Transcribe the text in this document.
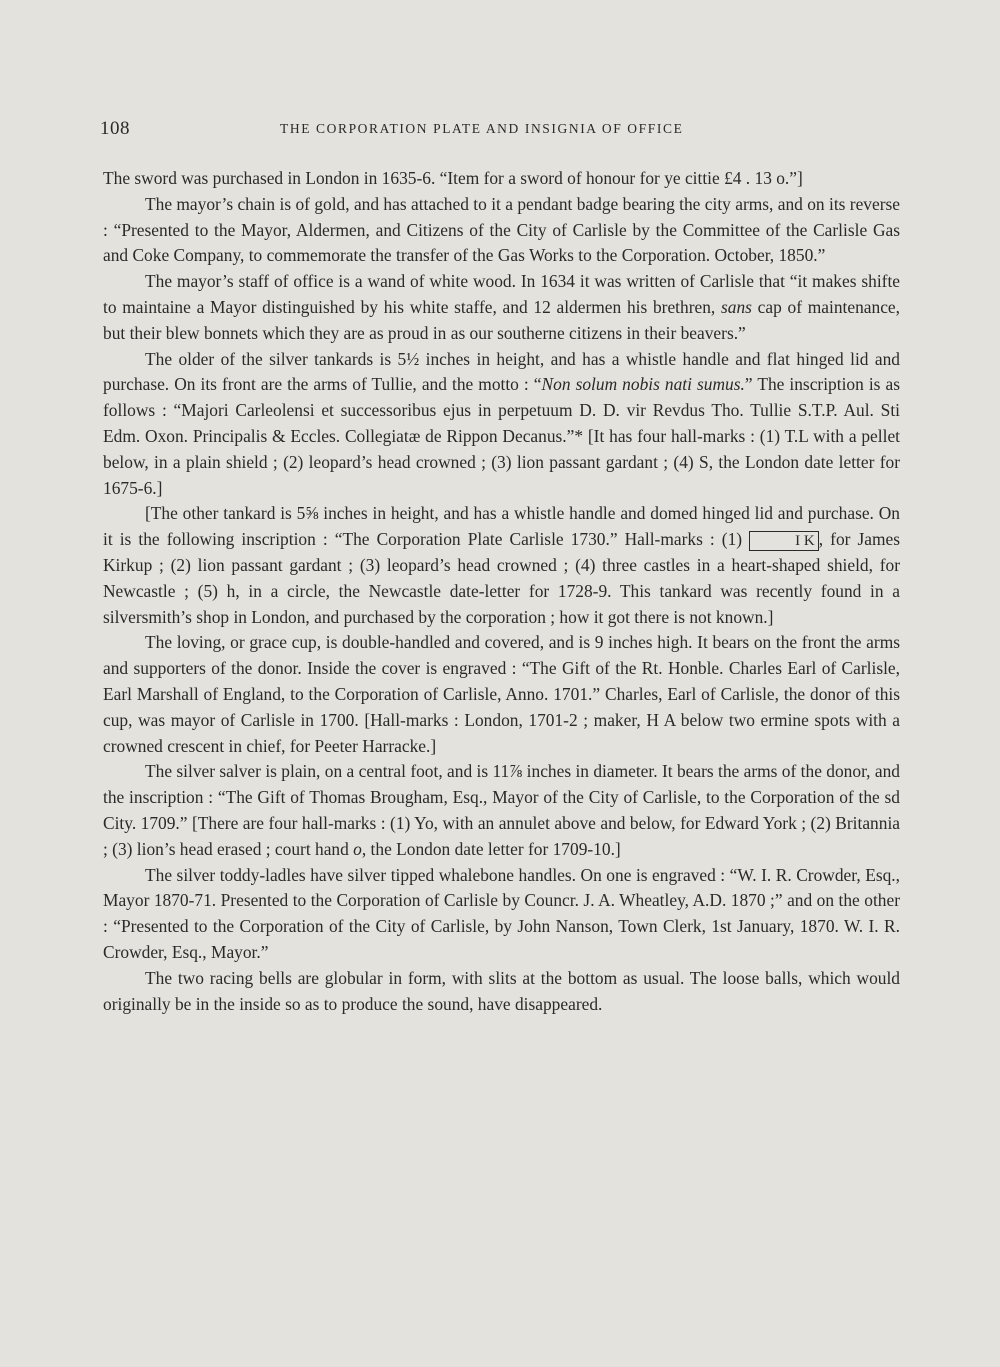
108	THE CORPORATION PLATE AND INSIGNIA OF OFFICE

The sword was purchased in London in 1635-6. “Item for a sword of honour for ye cittie £4 . 13 o.”]

The mayor’s chain is of gold, and has attached to it a pendant badge bearing the city arms, and on its reverse : “Presented to the Mayor, Aldermen, and Citizens of the City of Carlisle by the Committee of the Carlisle Gas and Coke Company, to commemorate the transfer of the Gas Works to the Corporation. October, 1850.”

The mayor’s staff of office is a wand of white wood. In 1634 it was written of Carlisle that “it makes shifte to maintaine a Mayor distinguished by his white staffe, and 12 aldermen his brethren, sans cap of maintenance, but their blew bonnets which they are as proud in as our southerne citizens in their beavers.”

The older of the silver tankards is 5½ inches in height, and has a whistle handle and flat hinged lid and purchase. On its front are the arms of Tullie, and the motto : “Non solum nobis nati sumus.” The inscription is as follows : “Majori Carleolensi et successoribus ejus in perpetuum D. D. vir Revdus Tho. Tullie S.T.P. Aul. Sti Edm. Oxon. Principalis & Eccles. Collegiatæ de Rippon Decanus.”* [It has four hall-marks : (1) T.L with a pellet below, in a plain shield ; (2) leopard’s head crowned ; (3) lion passant gardant ; (4) S, the London date letter for 1675-6.]

[The other tankard is 5⅝ inches in height, and has a whistle handle and domed hinged lid and purchase. On it is the following inscription : “The Corporation Plate Carlisle 1730.” Hall-marks : (1)	I K , for James Kirkup ; (2) lion passant gardant ; (3) leopard’s head crowned ; (4) three castles in a heart-shaped shield, for Newcastle ; (5) h, in a circle, the Newcastle date-letter for 1728-9. This tankard was recently found in a silversmith’s shop in London, and purchased by the corporation ; how it got there is not known.]

The loving, or grace cup, is double-handled and covered, and is 9 inches high. It bears on the front the arms and supporters of the donor. Inside the cover is engraved : “The Gift of the Rt. Honble. Charles Earl of Carlisle, Earl Marshall of England, to the Corporation of Carlisle, Anno. 1701.” Charles, Earl of Carlisle, the donor of this cup, was mayor of Carlisle in 1700. [Hall-marks : London, 1701-2 ; maker, H A below two ermine spots with a crowned crescent in chief, for Peeter Harracke.]

The silver salver is plain, on a central foot, and is 11⅞ inches in diameter. It bears the arms of the donor, and the inscription : “The Gift of Thomas Brougham, Esq., Mayor of the City of Carlisle, to the Corporation of the sd City. 1709.” [There are four hall-marks : (1) Yo, with an annulet above and below, for Edward York ; (2) Britannia ; (3) lion’s head erased ; court hand o, the London date letter for 1709-10.]

The silver toddy-ladles have silver tipped whalebone handles. On one is engraved : “W. I. R. Crowder, Esq., Mayor 1870-71. Presented to the Corporation of Carlisle by Councr. J. A. Wheatley, A.D. 1870 ;” and on the other : “Presented to the Corporation of the City of Carlisle, by John Nanson, Town Clerk, 1st January, 1870. W. I. R. Crowder, Esq., Mayor.”

The two racing bells are globular in form, with slits at the bottom as usual. The loose balls, which would originally be in the inside so as to produce the sound, have disappeared.
